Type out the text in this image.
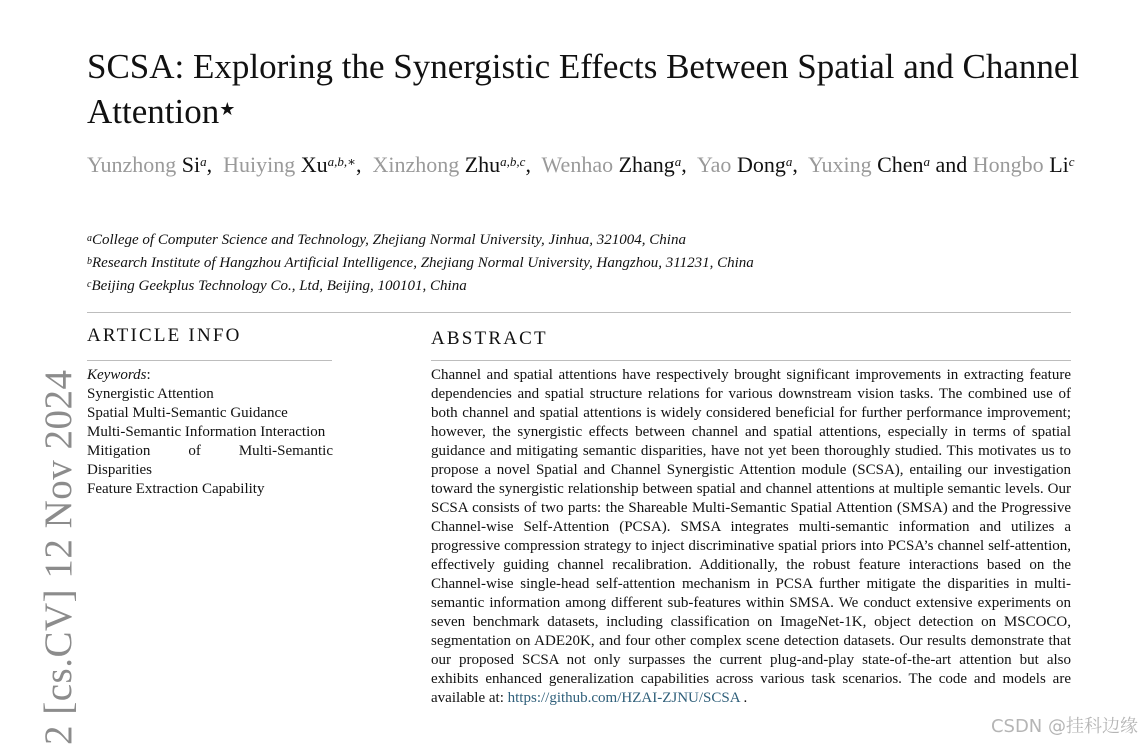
SCSA: Exploring the Synergistic Effects Between Spatial and Channel Attention★
Yunzhong Si$^a$,  Huiying $Xu^{a,b,∗}$,  Xinzhong Zhu$^{a,b,c}$,  Wenhao Zhang$^a$,  Yao Dong$^a$,  Yuxing Chen$^a$ and Hongbo Li$^c$
$^a$College of Computer Science and Technology, Zhejiang Normal University, Jinhua, 321004, China
$^b$Research Institute of Hangzhou Artificial Intelligence, Zhejiang Normal University, Hangzhou, 311231, China
$^c$Beijing Geekplus Technology Co., Ltd, Beijing, 100101, China
ARTICLE INFO	ABSTRACT
Keywords:
Synergistic Attention
Spatial Multi-Semantic Guidance
Multi-Semantic Information Interaction
Mitigation of Multi-Semantic Disparities
Feature Extraction Capability
Channel and spatial attentions have respectively brought significant improvements in extracting feature dependencies and spatial structure relations for various downstream vision tasks. The combined use of both channel and spatial attentions is widely considered beneficial for further performance improvement; however, the synergistic effects between channel and spatial attentions, especially in terms of spatial guidance and mitigating semantic disparities, have not yet been thoroughly studied. This motivates us to propose a novel Spatial and Channel Synergistic Attention module (SCSA), entailing our investigation toward the synergistic relationship between spatial and channel attentions at multiple semantic levels. Our SCSA consists of two parts: the Shareable Multi-Semantic Spatial Attention (SMSA) and the Progressive Channel-wise Self-Attention (PCSA). SMSA integrates multi-semantic information and utilizes a progressive compression strategy to inject discriminative spatial priors into PCSA’s channel self-attention, effectively guiding channel recalibration. Additionally, the robust feature interactions based on the Channel-wise single-head self-attention mechanism in PCSA further mitigate the disparities in multi-semantic information among different sub-features within SMSA. We conduct extensive experiments on seven benchmark datasets, including classification on ImageNet-1K, object detection on MSCOCO, segmentation on ADE20K, and four other complex scene detection datasets. Our results demonstrate that our proposed SCSA not only surpasses the current plug-and-play state-of-the-art attention but also exhibits enhanced generalization capabilities across various task scenarios. The code and models are available at: https://github.com/HZAI-ZJNU/SCSA .
2 [cs.CV] 12 Nov 2024	CSDN @挂科边缘
